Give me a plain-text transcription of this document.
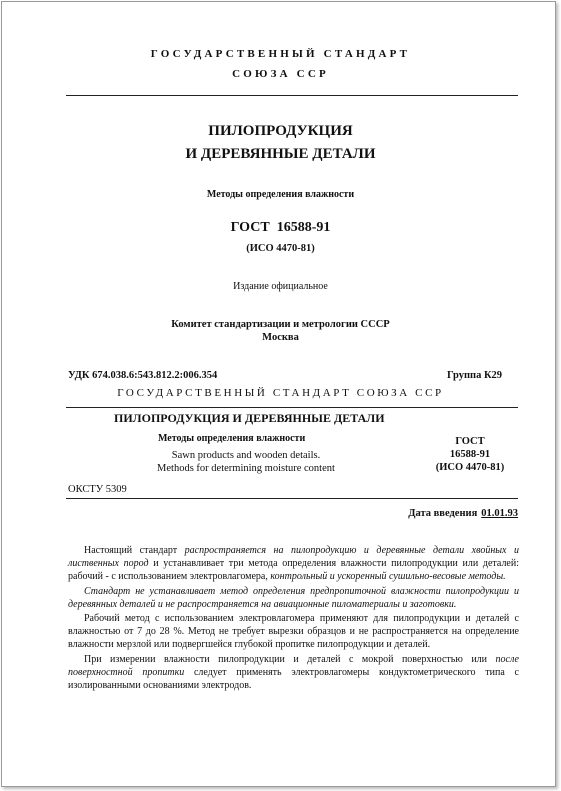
ГОСУДАРСТВЕННЫЙ СТАНДАРТ
СОЮЗА ССР
ПИЛОПРОДУКЦИЯ
И ДЕРЕВЯННЫЕ ДЕТАЛИ
Методы определения влажности
ГОСТ  16588-91
(ИСО 4470-81)
Издание официальное
Комитет стандартизации и метрологии СССР
Москва
УДК 674.038.6:543.812.2:006.354	Группа К29
ГОСУДАРСТВЕННЫЙ СТАНДАРТ СОЮЗА ССР
ПИЛОПРОДУКЦИЯ И ДЕРЕВЯННЫЕ ДЕТАЛИ
Методы определения влажности
Sawn products and wooden details.
Methods for determining moisture content
ГОСТ
16588-91
(ИСО 4470-81)
ОКСТУ 5309
Дата введения 01.01.93

Настоящий стандарт распространяется на пилопродукцию и деревянные детали хвойных и лиственных пород и устанавливает три метода определения влажности пилопродукции или деталей: рабочий - с использованием электровлагомера, контрольный и ускоренный сушильно-весовые методы.

Стандарт не устанавливает метод определения предпропиточной влажности пилопродукции и деревянных деталей и не распространяется на авиационные пиломатериалы и заготовки.

Рабочий метод с использованием электровлагомера применяют для пилопродукции и деталей с влажностью от 7 до 28 %. Метод не требует вырезки образцов и не распространяется на определение влажности мерзлой или подвергшейся глубокой пропитке пилопродукции и деталей.

При измерении влажности пилопродукции и деталей с мокрой поверхностью или после поверхностной пропитки следует применять электровлагомеры кондуктометрического типа с изолированными основаниями электродов.
